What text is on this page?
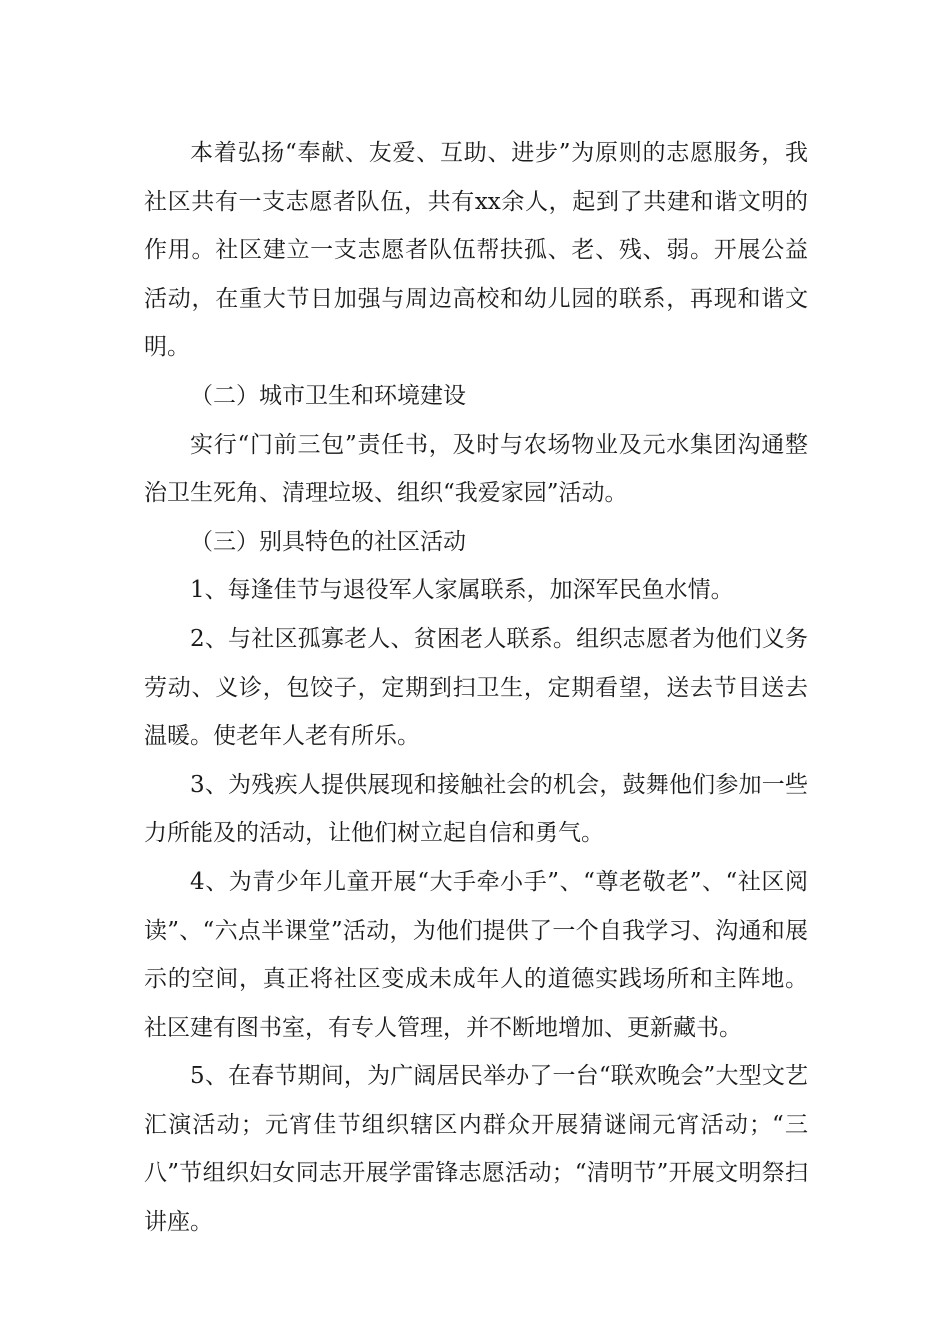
本着弘扬“奉献、友爱、互助、进步”为原则的志愿服务，我社区共有一支志愿者队伍，共有xx余人，起到了共建和谐文明的作用。社区建立一支志愿者队伍帮扶孤、老、残、弱。开展公益活动，在重大节日加强与周边高校和幼儿园的联系，再现和谐文明。

（二）城市卫生和环境建设

实行“门前三包”责任书，及时与农场物业及元水集团沟通整治卫生死角、清理垃圾、组织“我爱家园”活动。

（三）别具特色的社区活动

1、每逢佳节与退役军人家属联系，加深军民鱼水情。

2、与社区孤寡老人、贫困老人联系。组织志愿者为他们义务劳动、义诊，包饺子，定期到扫卫生，定期看望，送去节目送去温暖。使老年人老有所乐。

3、为残疾人提供展现和接触社会的机会，鼓舞他们参加一些力所能及的活动，让他们树立起自信和勇气。

4、为青少年儿童开展“大手牵小手”、“尊老敬老”、“社区阅读”、“六点半课堂”活动，为他们提供了一个自我学习、沟通和展示的空间，真正将社区变成未成年人的道德实践场所和主阵地。社区建有图书室，有专人管理，并不断地增加、更新藏书。

5、在春节期间，为广阔居民举办了一台“联欢晚会”大型文艺汇演活动；元宵佳节组织辖区内群众开展猜谜闹元宵活动；“三八”节组织妇女同志开展学雷锋志愿活动；“清明节”开展文明祭扫讲座。
